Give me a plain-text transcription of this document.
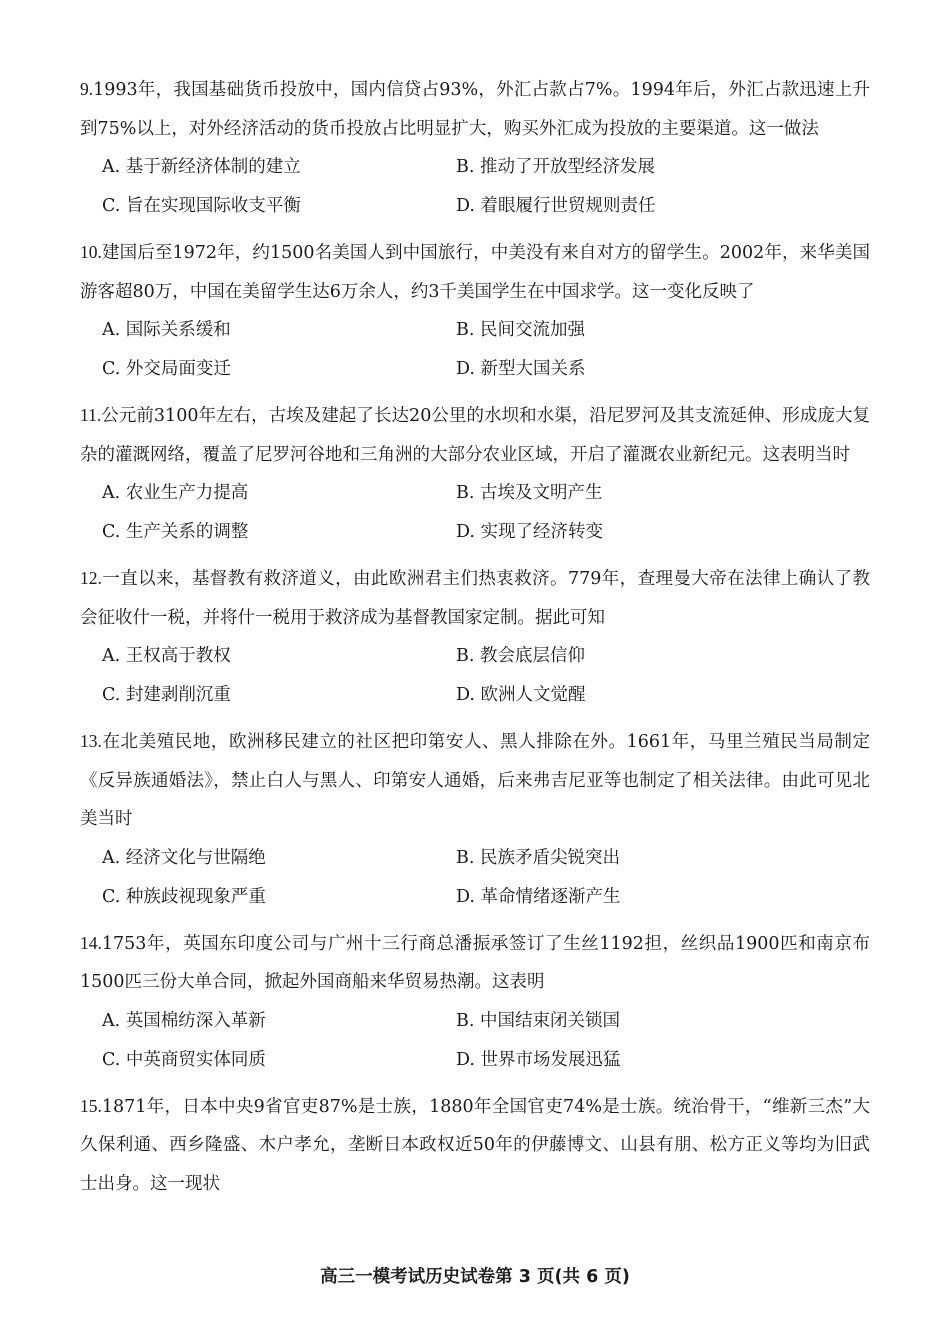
9.1993年，我国基础货币投放中，国内信贷占93%，外汇占款占7%。1994年后，外汇占款迅速上升到75%以上，对外经济活动的货币投放占比明显扩大，购买外汇成为投放的主要渠道。这一做法
A. 基于新经济体制的建立	B. 推动了开放型经济发展
C. 旨在实现国际收支平衡	D. 着眼履行世贸规则责任
10.建国后至1972年，约1500名美国人到中国旅行，中美没有来自对方的留学生。2002年，来华美国游客超80万，中国在美留学生达6万余人，约3千美国学生在中国求学。这一变化反映了
A. 国际关系缓和	B. 民间交流加强
C. 外交局面变迁	D. 新型大国关系
11.公元前3100年左右，古埃及建起了长达20公里的水坝和水渠，沿尼罗河及其支流延伸、形成庞大复杂的灌溉网络，覆盖了尼罗河谷地和三角洲的大部分农业区域，开启了灌溉农业新纪元。这表明当时
A. 农业生产力提高	B. 古埃及文明产生
C. 生产关系的调整	D. 实现了经济转变
12.一直以来，基督教有救济道义，由此欧洲君主们热衷救济。779年，查理曼大帝在法律上确认了教会征收什一税，并将什一税用于救济成为基督教国家定制。据此可知
A. 王权高于教权	B. 教会底层信仰
C. 封建剥削沉重	D. 欧洲人文觉醒
13.在北美殖民地，欧洲移民建立的社区把印第安人、黑人排除在外。1661年，马里兰殖民当局制定《反异族通婚法》，禁止白人与黑人、印第安人通婚，后来弗吉尼亚等也制定了相关法律。由此可见北美当时
A. 经济文化与世隔绝	B. 民族矛盾尖锐突出
C. 种族歧视现象严重	D. 革命情绪逐渐产生
14.1753年，英国东印度公司与广州十三行商总潘振承签订了生丝1192担，丝织品1900匹和南京布1500匹三份大单合同，掀起外国商船来华贸易热潮。这表明
A. 英国棉纺深入革新	B. 中国结束闭关锁国
C. 中英商贸实体同质	D. 世界市场发展迅猛
15.1871年，日本中央9省官吏87%是士族，1880年全国官吏74%是士族。统治骨干，“维新三杰”大久保利通、西乡隆盛、木户孝允，垄断日本政权近50年的伊藤博文、山县有朋、松方正义等均为旧武士出身。这一现状
高三一模考试历史试卷第 3 页(共 6 页)
